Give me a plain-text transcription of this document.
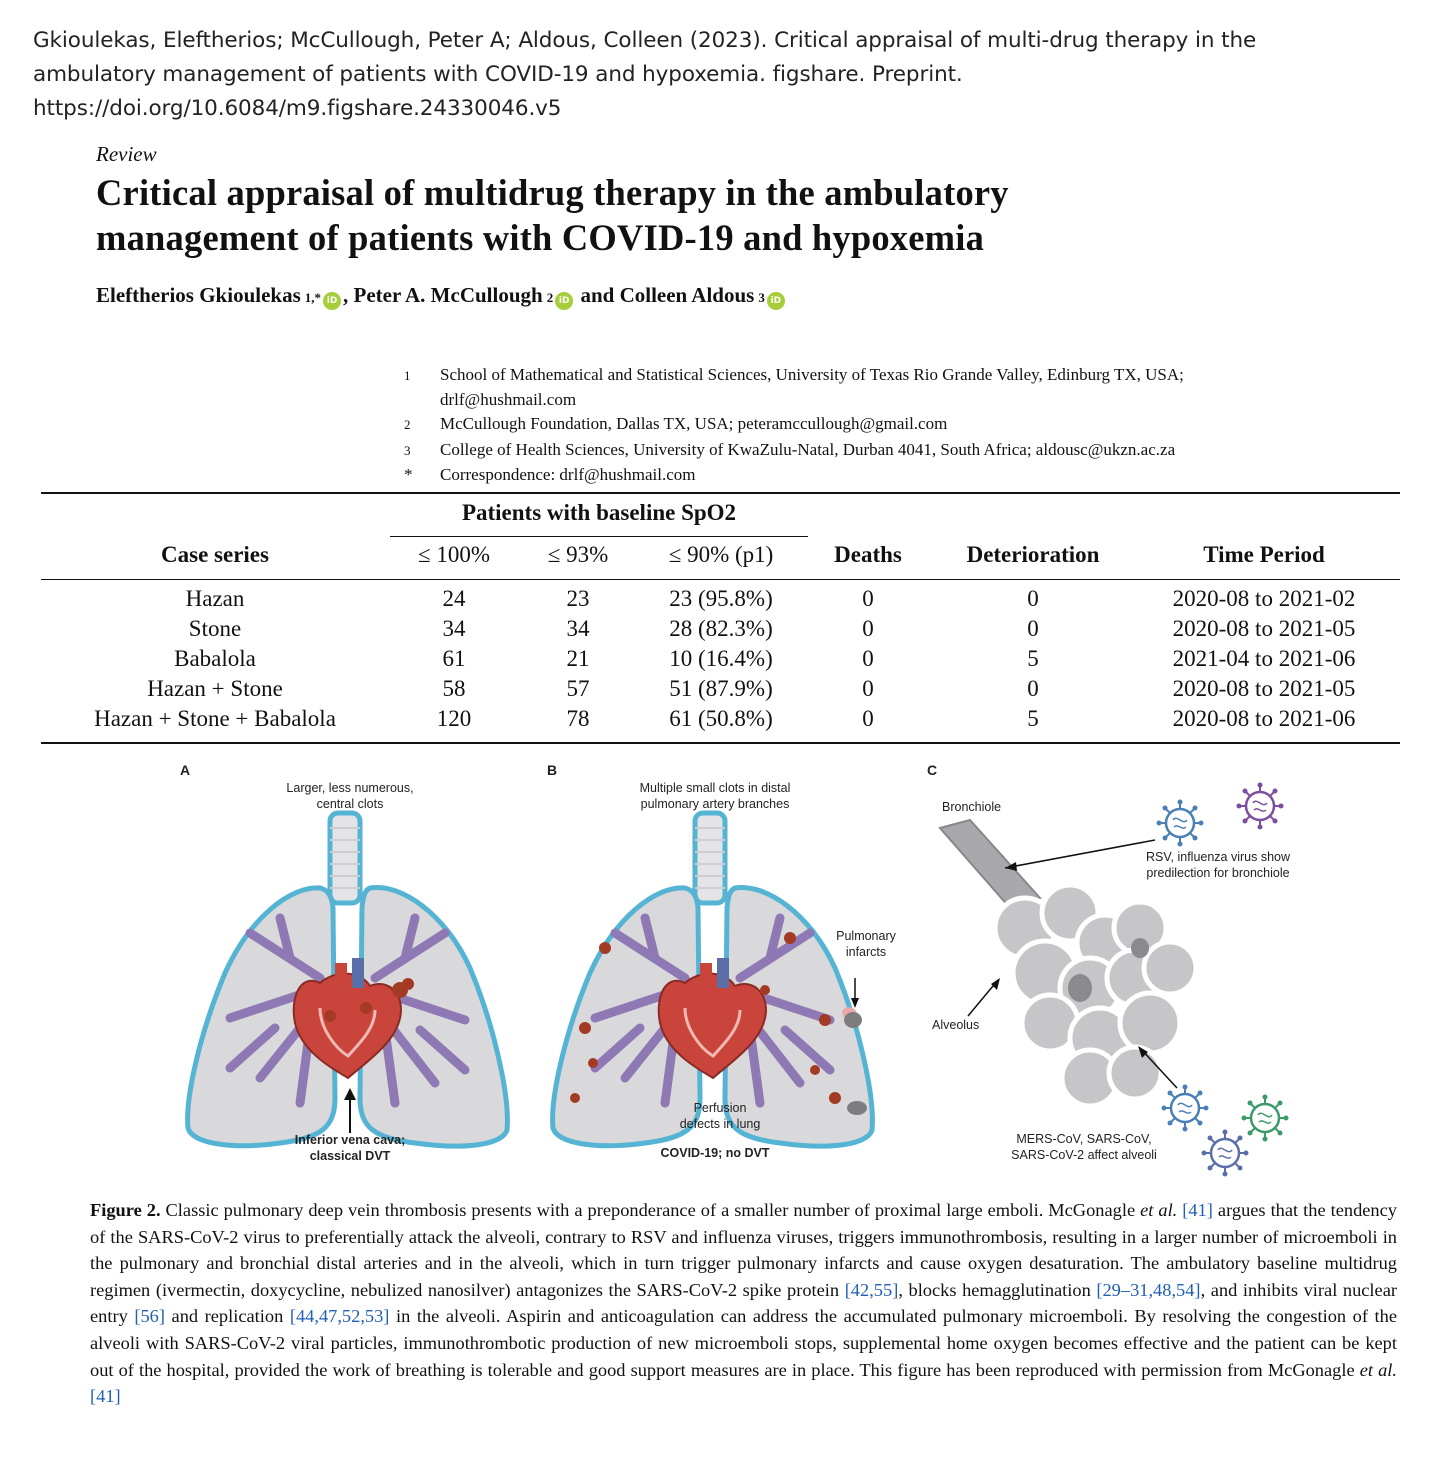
Gkioulekas, Eleftherios; McCullough, Peter A; Aldous, Colleen (2023). Critical appraisal of multi-drug therapy in the
ambulatory management of patients with COVID-19 and hypoxemia. figshare. Preprint.
https://doi.org/10.6084/m9.figshare.24330046.v5
Review
Critical appraisal of multidrug therapy in the ambulatory
management of patients with COVID-19 and hypoxemia
Eleftherios Gkioulekas 1,* iD , Peter A. McCullough 2 iD and Colleen Aldous 3 iD
1	School of Mathematical and Statistical Sciences, University of Texas Rio Grande Valley, Edinburg TX, USA;
drlf@hushmail.com
2	McCullough Foundation, Dallas TX, USA; peteramccullough@gmail.com
3	College of Health Sciences, University of KwaZulu-Natal, Durban 4041, South Africa; aldousc@ukzn.ac.za
*	Correspondence: drlf@hushmail.com
Patients with baseline SpO2
Case series	≤ 100%	≤ 93%	≤ 90% (p1)	Deaths	Deterioration	Time Period
Hazan	24	23	23 (95.8%)	0	0	2020-08 to 2021-02
Stone	34	34	28 (82.3%)	0	0	2020-08 to 2021-05
Babalola	61	21	10 (16.4%)	0	5	2021-04 to 2021-06
Hazan + Stone	58	57	51 (87.9%)	0	0	2020-08 to 2021-05
Hazan + Stone + Babalola	120	78	61 (50.8%)	0	5	2020-08 to 2021-06
A	B	C
Larger, less numerous,
central clots
Inferior vena cava;
classical DVT
Multiple small clots in distal
pulmonary artery branches
Pulmonary
infarcts
Perfusion
defects in lung
COVID-19; no DVT
Bronchiole
Alveolus
RSV, influenza virus show
predilection for bronchiole
MERS-CoV, SARS-CoV,
SARS-CoV-2 affect alveoli
Figure 2. Classic pulmonary deep vein thrombosis presents with a preponderance of a smaller number of proximal large emboli. McGonagle et al. [41] argues that the tendency of the SARS-CoV-2 virus to preferentially attack the alveoli, contrary to RSV and influenza viruses, triggers immunothrombosis, resulting in a larger number of microemboli in the pulmonary and bronchial distal arteries and in the alveoli, which in turn trigger pulmonary infarcts and cause oxygen desaturation. The ambulatory baseline multidrug regimen (ivermectin, doxycycline, nebulized nanosilver) antagonizes the SARS-CoV-2 spike protein [42,55], blocks hemagglutination [29–31,48,54], and inhibits viral nuclear entry [56] and replication [44,47,52,53] in the alveoli. Aspirin and anticoagulation can address the accumulated pulmonary microemboli. By resolving the congestion of the alveoli with SARS-CoV-2 viral particles, immunothrombotic production of new microemboli stops, supplemental home oxygen becomes effective and the patient can be kept out of the hospital, provided the work of breathing is tolerable and good support measures are in place. This figure has been reproduced with permission from McGonagle et al. [41]
